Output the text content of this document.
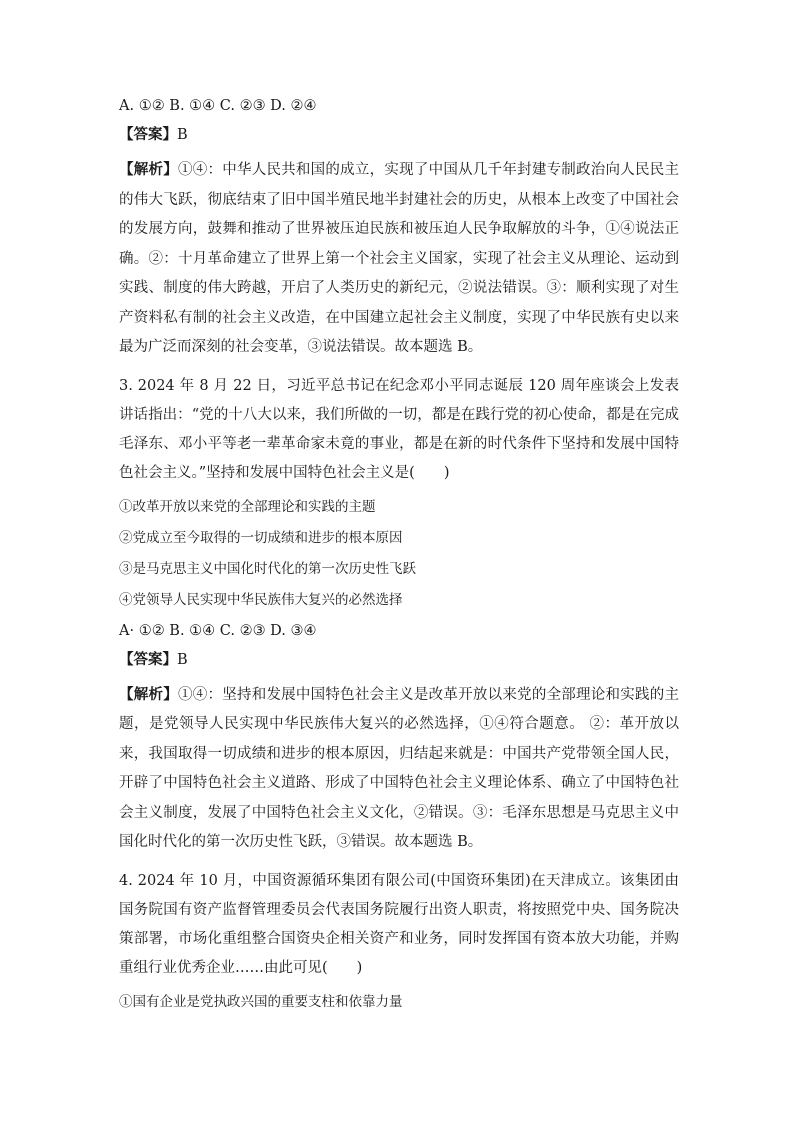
A. ①② B. ①④ C. ②③ D. ②④
【答案】B
【解析】①④：中华人民共和国的成立，实现了中国从几千年封建专制政治向人民民主的伟大飞跃，彻底结束了旧中国半殖民地半封建社会的历史，从根本上改变了中国社会的发展方向，鼓舞和推动了世界被压迫民族和被压迫人民争取解放的斗争，①④说法正确。②：十月革命建立了世界上第一个社会主义国家，实现了社会主义从理论、运动到实践、制度的伟大跨越，开启了人类历史的新纪元，②说法错误。③：顺利实现了对生产资料私有制的社会主义改造，在中国建立起社会主义制度，实现了中华民族有史以来最为广泛而深刻的社会变革，③说法错误。故本题选 B。
3. 2024 年 8 月 22 日，习近平总书记在纪念邓小平同志诞辰 120 周年座谈会上发表讲话指出：“党的十八大以来，我们所做的一切，都是在践行党的初心使命，都是在完成毛泽东、邓小平等老一辈革命家未竟的事业，都是在新的时代条件下坚持和发展中国特色社会主义。”坚持和发展中国特色社会主义是(　　)
①改革开放以来党的全部理论和实践的主题
②党成立至今取得的一切成绩和进步的根本原因
③是马克思主义中国化时代化的第一次历史性飞跃
④党领导人民实现中华民族伟大复兴的必然选择
A· ①② B. ①④ C. ②③ D. ③④
【答案】B
【解析】①④：坚持和发展中国特色社会主义是改革开放以来党的全部理论和实践的主题，是党领导人民实现中华民族伟大复兴的必然选择，①④符合题意。 ②：革开放以来，我国取得一切成绩和进步的根本原因，归结起来就是：中国共产党带领全国人民，开辟了中国特色社会主义道路、形成了中国特色社会主义理论体系、确立了中国特色社会主义制度，发展了中国特色社会主义文化，②错误。③：毛泽东思想是马克思主义中国化时代化的第一次历史性飞跃，③错误。故本题选 B。
4. 2024 年 10 月，中国资源循环集团有限公司(中国资环集团)在天津成立。该集团由国务院国有资产监督管理委员会代表国务院履行出资人职责，将按照党中央、国务院决策部署，市场化重组整合国资央企相关资产和业务，同时发挥国有资本放大功能，并购重组行业优秀企业……由此可见(　　)
①国有企业是党执政兴国的重要支柱和依靠力量
